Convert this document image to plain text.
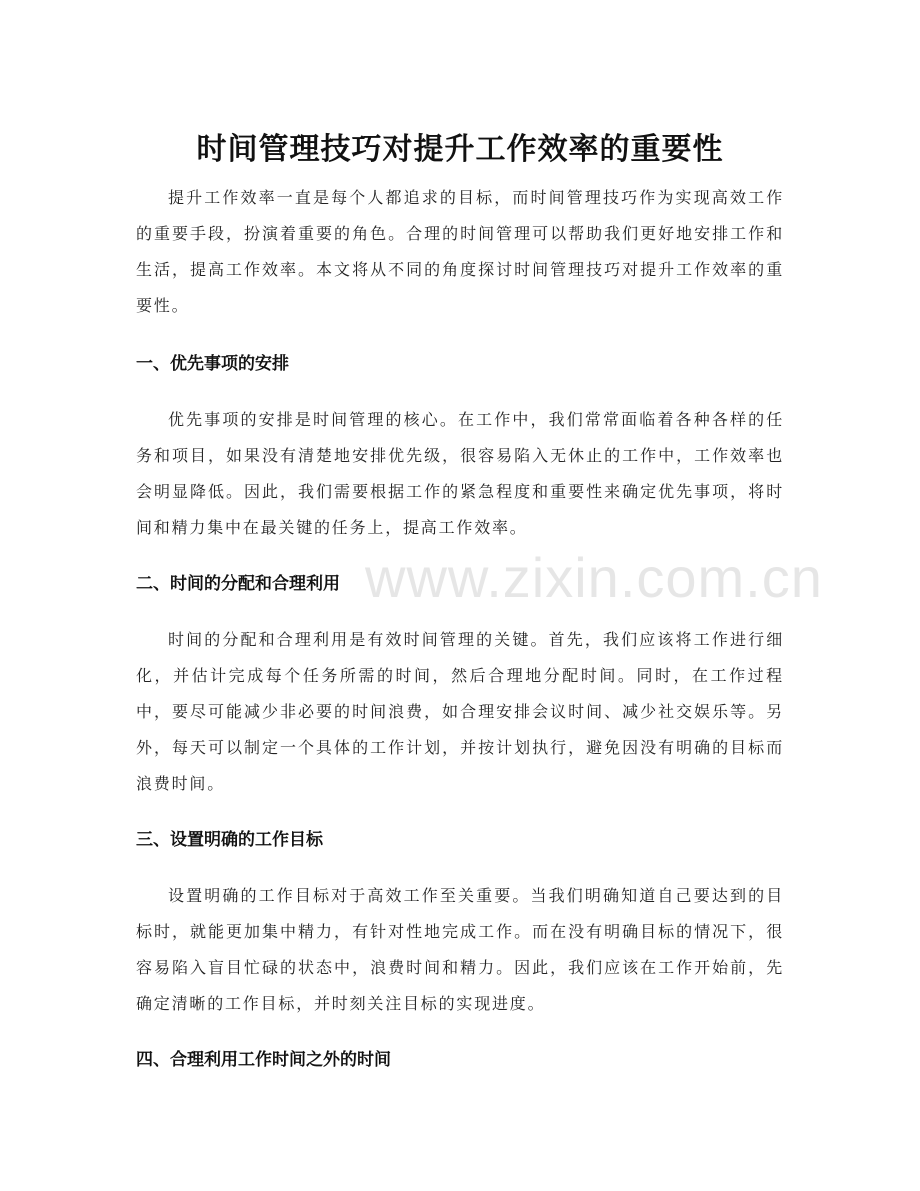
时间管理技巧对提升工作效率的重要性

提升工作效率一直是每个人都追求的目标，而时间管理技巧作为实现高效工作的重要手段，扮演着重要的角色。合理的时间管理可以帮助我们更好地安排工作和生活，提高工作效率。本文将从不同的角度探讨时间管理技巧对提升工作效率的重要性。

一、优先事项的安排

优先事项的安排是时间管理的核心。在工作中，我们常常面临着各种各样的任务和项目，如果没有清楚地安排优先级，很容易陷入无休止的工作中，工作效率也会明显降低。因此，我们需要根据工作的紧急程度和重要性来确定优先事项，将时间和精力集中在最关键的任务上，提高工作效率。

二、时间的分配和合理利用

时间的分配和合理利用是有效时间管理的关键。首先，我们应该将工作进行细化，并估计完成每个任务所需的时间，然后合理地分配时间。同时，在工作过程中，要尽可能减少非必要的时间浪费，如合理安排会议时间、减少社交娱乐等。另外，每天可以制定一个具体的工作计划，并按计划执行，避免因没有明确的目标而浪费时间。

三、设置明确的工作目标

设置明确的工作目标对于高效工作至关重要。当我们明确知道自己要达到的目标时，就能更加集中精力，有针对性地完成工作。而在没有明确目标的情况下，很容易陷入盲目忙碌的状态中，浪费时间和精力。因此，我们应该在工作开始前，先确定清晰的工作目标，并时刻关注目标的实现进度。

四、合理利用工作时间之外的时间
www.zixin.com.cn
